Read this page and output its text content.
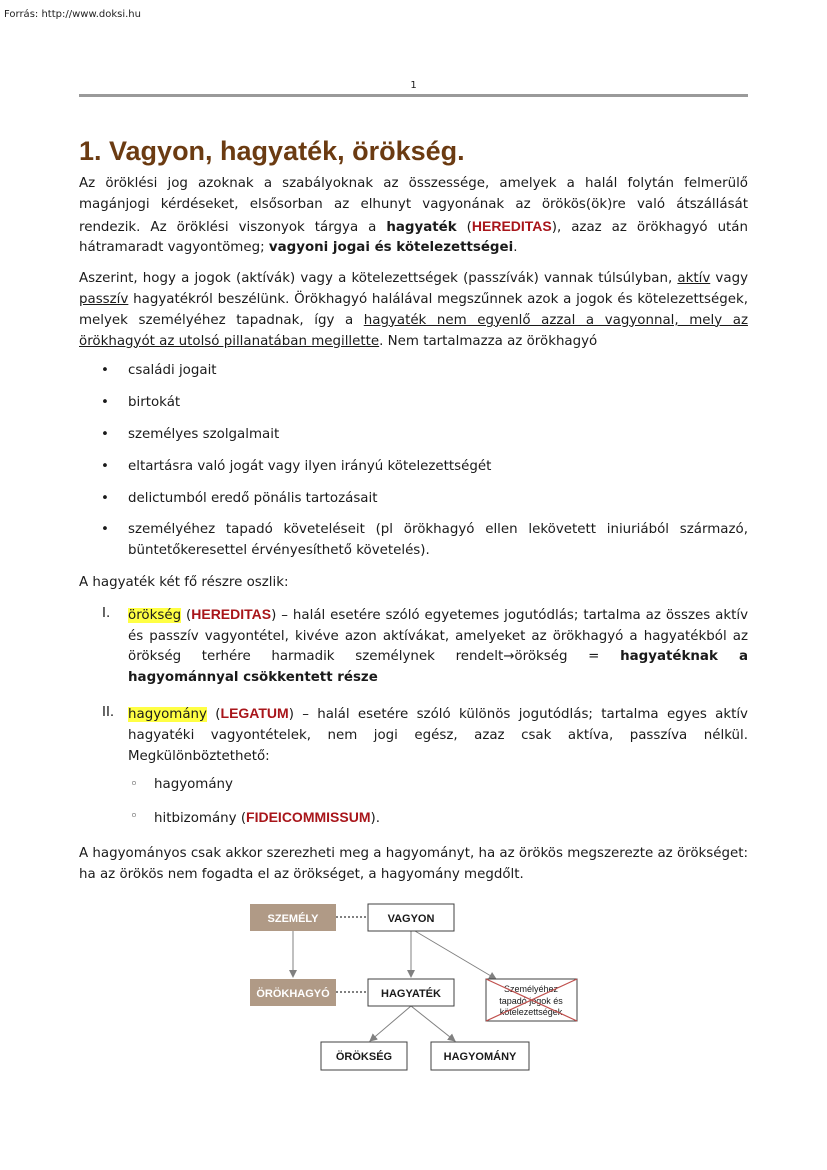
Forrás: http://www.doksi.hu
1
1. Vagyon, hagyaték, örökség.

Az öröklési jog azoknak a szabályoknak az összessége, amelyek a halál folytán felmerülő magánjogi kérdéseket, elsősorban az elhunyt vagyonának az örökös(ök)re való átszállását rendezik. Az öröklési viszonyok tárgya a hagyaték (HEREDITAS), azaz az örökhagyó után hátramaradt vagyontömeg; vagyoni jogai és kötelezettségei.

Aszerint, hogy a jogok (aktívák) vagy a kötelezettségek (passzívák) vannak túlsúlyban, aktív vagy passzív hagyatékról beszélünk. Örökhagyó halálával megszűnnek azok a jogok és kötelezettségek, melyek személyéhez tapadnak, így a hagyaték nem egyenlő azzal a vagyonnal, mely az örökhagyót az utolsó pillanatában megillette. Nem tartalmazza az örökhagyó

• családi jogait
• birtokát
• személyes szolgalmait
• eltartásra való jogát vagy ilyen irányú kötelezettségét
• delictumból eredő pönális tartozásait
• személyéhez tapadó követeléseit (pl örökhagyó ellen lekövetett iniuriából származó, büntetőkeresettel érvényesíthető követelés).

A hagyaték két fő részre oszlik:

I. örökség (HEREDITAS) – halál esetére szóló egyetemes jogutódlás; tartalma az összes aktív és passzív vagyontétel, kivéve azon aktívákat, amelyeket az örökhagyó a hagyatékból az örökség terhére harmadik személynek rendelt→örökség = hagyatéknak a hagyománnyal csökkentett része
II. hagyomány (LEGATUM) – halál esetére szóló különös jogutódlás; tartalma egyes aktív hagyatéki vagyontételek, nem jogi egész, azaz csak aktíva, passzíva nélkül. Megkülönböztethető:
◦ hagyomány
◦ hitbizomány (FIDEICOMMISSUM).

A hagyományos csak akkor szerezheti meg a hagyományt, ha az örökös megszerezte az örökséget: ha az örökös nem fogadta el az örökséget, a hagyomány megdőlt.

SZEMÉLY	VAGYON
ÖRÖKHAGYÓ	HAGYATÉK	Személyéhez
tapadó jogok és
kötelezettségek
ÖRÖKSÉG	HAGYOMÁNY
